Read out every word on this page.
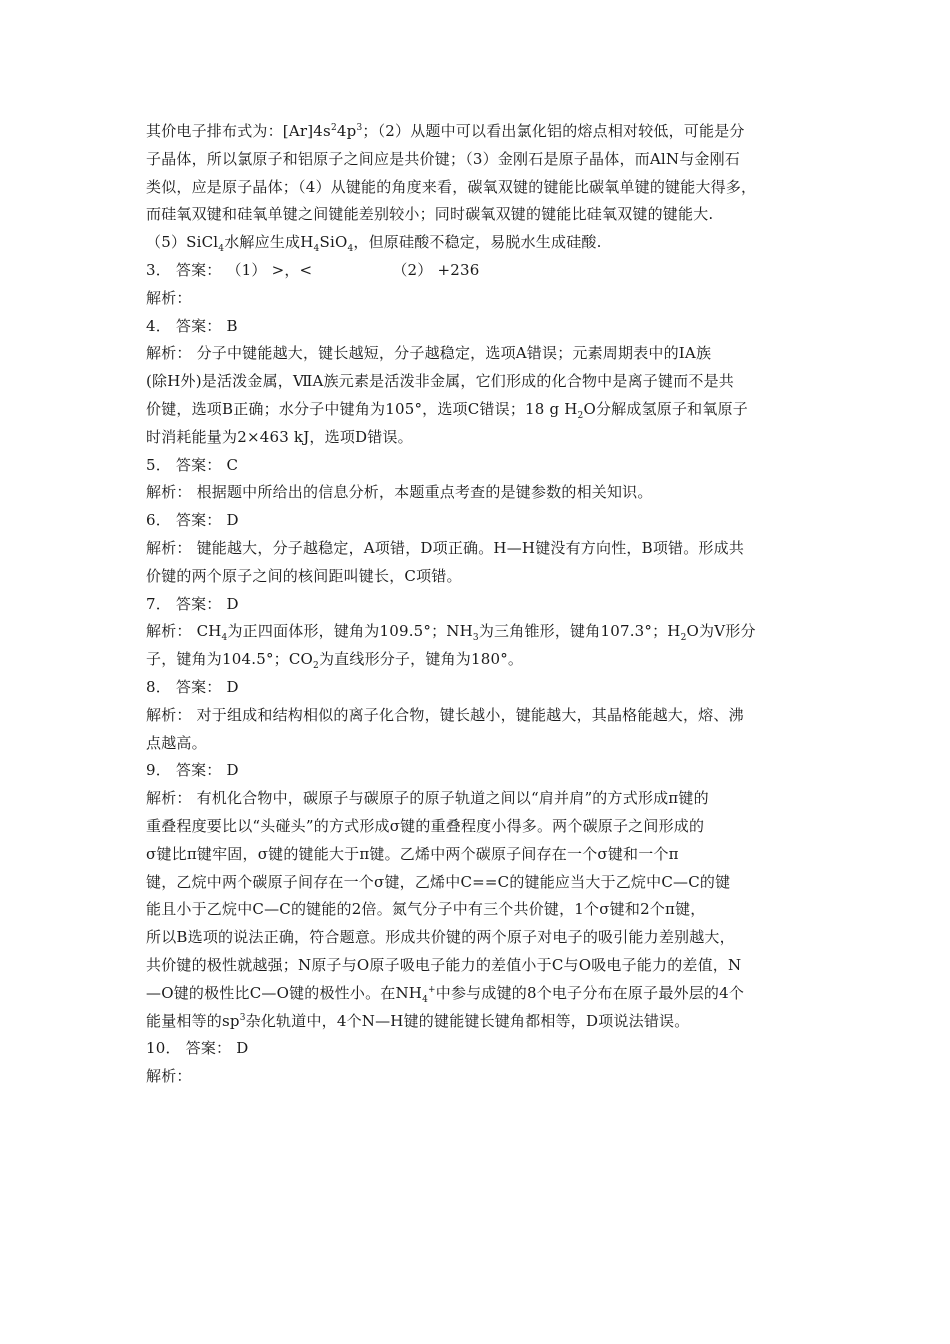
其价电子排布式为：$[Ar]4s^24p^3$；（2）从题中可以看出氯化铝的熔点相对较低，可能是分
子晶体，所以氯原子和铝原子之间应是共价键；（3）金刚石是原子晶体，而AlN与金刚石
类似，应是原子晶体；（4）从键能的角度来看，碳氧双键的键能比碳氧单键的键能大得多，
而硅氧双键和硅氧单键之间键能差别较小；同时碳氧双键的键能比硅氧双键的键能大.
（5）SiCl$_4$水解应生成$H_4SiO_4$，但原硅酸不稳定，易脱水生成硅酸.
3． 答案： （1） >，<	（2） +236
解析：
4． 答案： B
解析： 分子中键能越大，键长越短，分子越稳定，选项A错误；元素周期表中的ⅠA族
(除H外)是活泼金属，ⅦA族元素是活泼非金属，它们形成的化合物中是离子键而不是共
价键，选项B正确；水分子中键角为105°，选项C错误；18 g $H_2O$分解成氢原子和氧原子
时消耗能量为2×463 kJ，选项D错误。
5． 答案： C
解析： 根据题中所给出的信息分析，本题重点考查的是键参数的相关知识。
6． 答案： D
解析： 键能越大，分子越稳定，A项错，D项正确。H—H键没有方向性，B项错。形成共
价键的两个原子之间的核间距叫键长，C项错。
7． 答案： D
解析： $CH_4$为正四面体形，键角为109.5°；$NH_3$为三角锥形，键角107.3°；$H_2O$为V形分
子，键角为104.5°；$CO_2$为直线形分子，键角为180°。
8． 答案： D
解析： 对于组成和结构相似的离子化合物，键长越小，键能越大，其晶格能越大，熔、沸
点越高。
9． 答案： D
解析： 有机化合物中，碳原子与碳原子的原子轨道之间以“肩并肩”的方式形成π键的
重叠程度要比以“头碰头”的方式形成σ键的重叠程度小得多。两个碳原子之间形成的
σ键比π键牢固，σ键的键能大于π键。乙烯中两个碳原子间存在一个σ键和一个π
键，乙烷中两个碳原子间存在一个σ键，乙烯中C==C的键能应当大于乙烷中C—C的键
能且小于乙烷中C—C的键能的2倍。氮气分子中有三个共价键，1个σ键和2个π键，
所以B选项的说法正确，符合题意。形成共价键的两个原子对电子的吸引能力差别越大，
共价键的极性就越强；N原子与O原子吸电子能力的差值小于C与O吸电子能力的差值，N
—O键的极性比C—O键的极性小。在$NH_4^+$中参与成键的8个电子分布在原子最外层的4个
能量相等的$sp^3$杂化轨道中，4个N—H键的键能键长键角都相等，D项说法错误。
10． 答案： D
解析：
